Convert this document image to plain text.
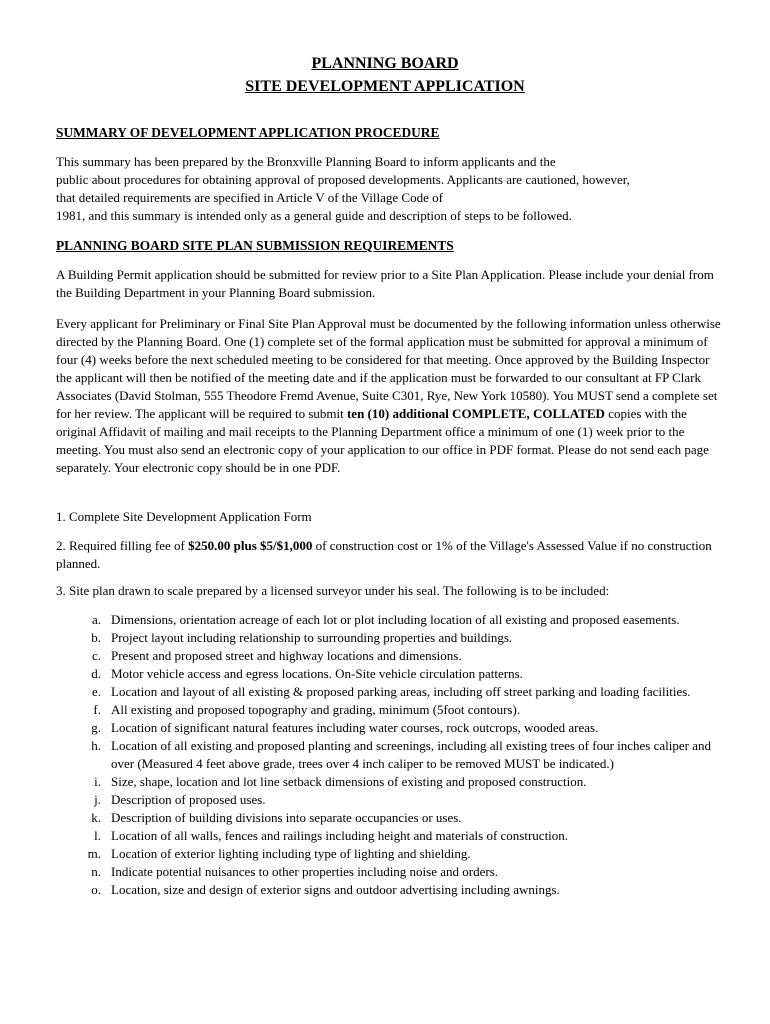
PLANNING BOARD
SITE DEVELOPMENT APPLICATION
SUMMARY OF DEVELOPMENT APPLICATION PROCEDURE

This summary has been prepared by the Bronxville Planning Board to inform applicants and the

public about procedures for obtaining approval of proposed developments. Applicants are cautioned, however,

that detailed requirements are specified in Article V of the Village Code of

1981, and this summary is intended only as a general guide and description of steps to be followed.

PLANNING BOARD SITE PLAN SUBMISSION REQUIREMENTS

A Building Permit application should be submitted for review prior to a Site Plan Application. Please include your denial from the Building Department in your Planning Board submission.

Every applicant for Preliminary or Final Site Plan Approval must be documented by the following information unless otherwise directed by the Planning Board. One (1) complete set of the formal application must be submitted for approval a minimum of four (4) weeks before the next scheduled meeting to be considered for that meeting. Once approved by the Building Inspector the applicant will then be notified of the meeting date and if the application must be forwarded to our consultant at FP Clark Associates (David Stolman, 555 Theodore Fremd Avenue, Suite C301, Rye, New York 10580). You MUST send a complete set for her review. The applicant will be required to submit ten (10) additional COMPLETE, COLLATED copies with the original Affidavit of mailing and mail receipts to the Planning Department office a minimum of one (1) week prior to the meeting. You must also send an electronic copy of your application to our office in PDF format. Please do not send each page separately. Your electronic copy should be in one PDF.

1. Complete Site Development Application Form

2. Required filling fee of $250.00 plus $5/$1,000 of construction cost or 1% of the Village's Assessed Value if no construction planned.

3. Site plan drawn to scale prepared by a licensed surveyor under his seal. The following is to be included:

a. Dimensions, orientation acreage of each lot or plot including location of all existing and proposed easements.
b. Project layout including relationship to surrounding properties and buildings.
c. Present and proposed street and highway locations and dimensions.
d. Motor vehicle access and egress locations. On-Site vehicle circulation patterns.
e. Location and layout of all existing & proposed parking areas, including off street parking and loading facilities.
f. All existing and proposed topography and grading, minimum (5foot contours).
g. Location of significant natural features including water courses, rock outcrops, wooded areas.
h. Location of all existing and proposed planting and screenings, including all existing trees of four inches caliper and over (Measured 4 feet above grade, trees over 4 inch caliper to be removed MUST be indicated.)
i. Size, shape, location and lot line setback dimensions of existing and proposed construction.
j. Description of proposed uses.
k. Description of building divisions into separate occupancies or uses.
l. Location of all walls, fences and railings including height and materials of construction.
m. Location of exterior lighting including type of lighting and shielding.
n. Indicate potential nuisances to other properties including noise and orders.
o. Location, size and design of exterior signs and outdoor advertising including awnings.
